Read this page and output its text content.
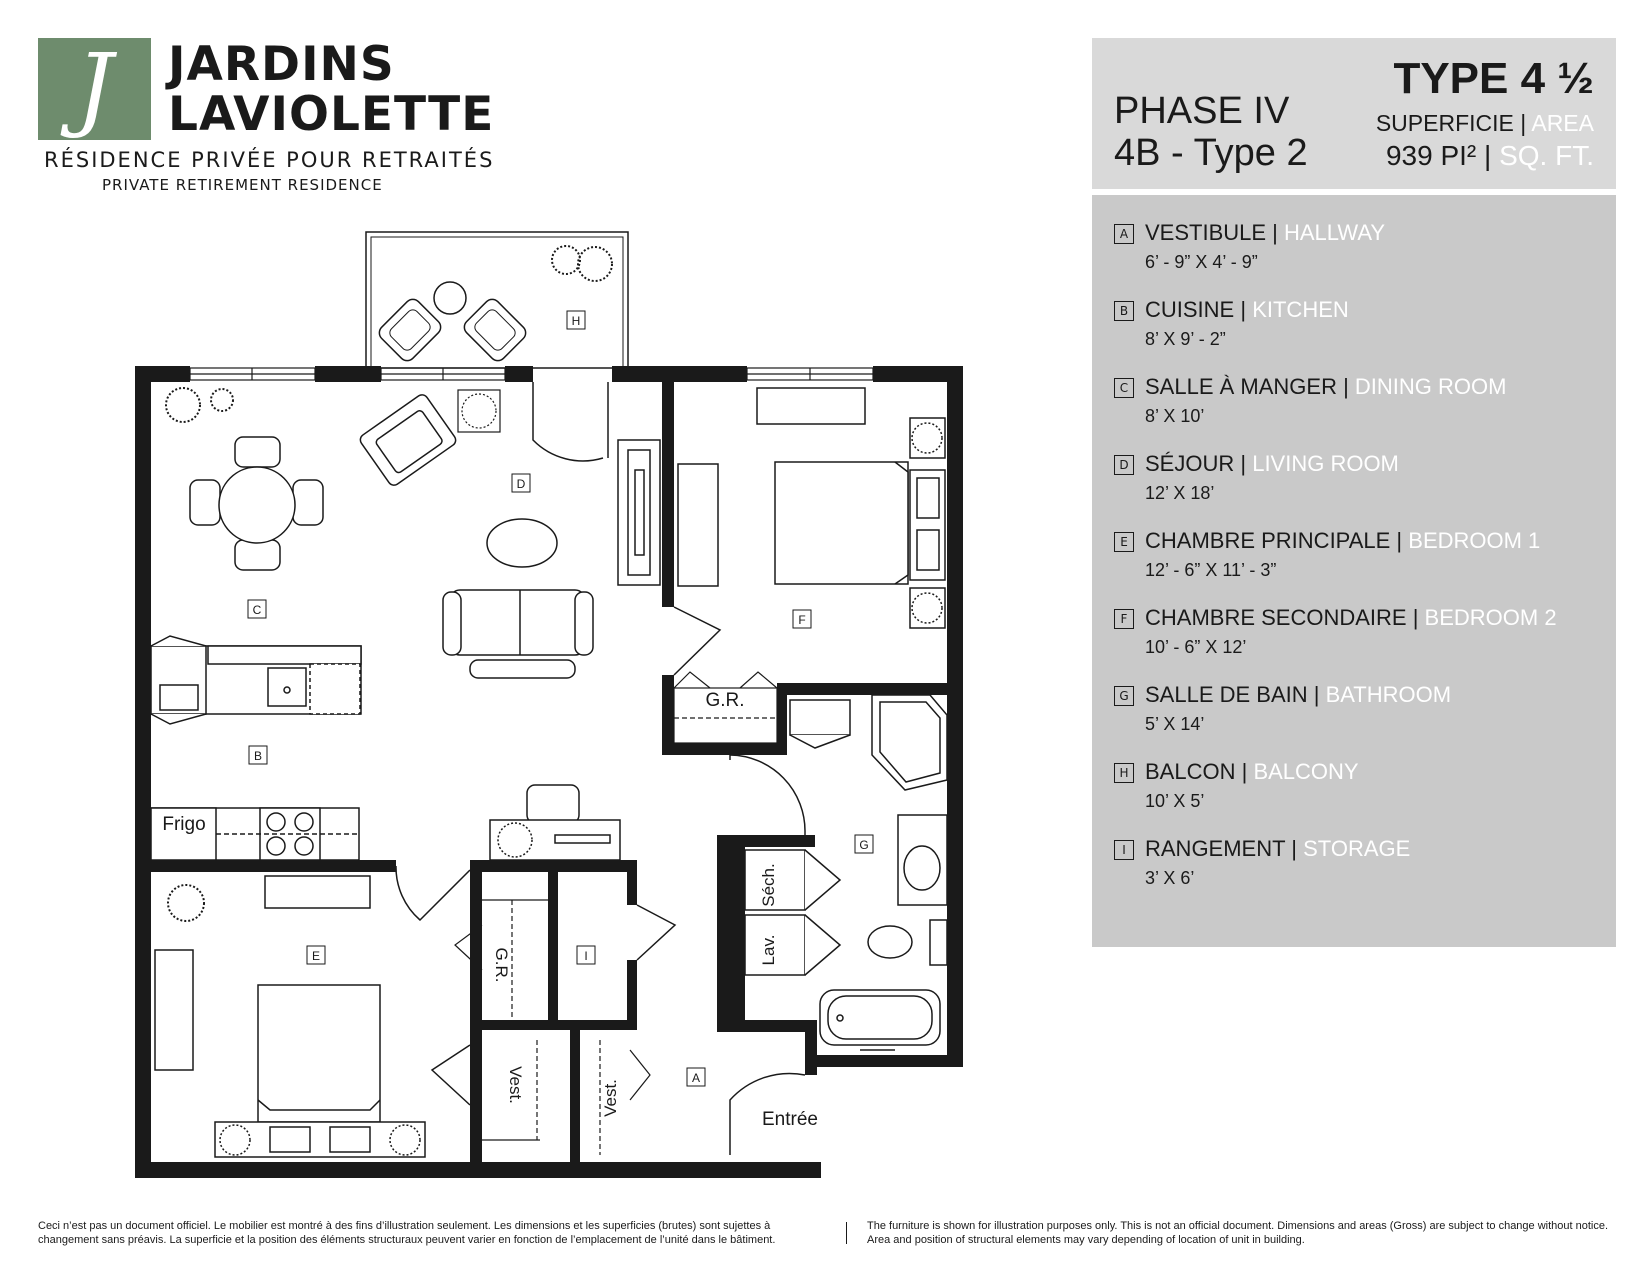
J	JARDINS
LAVIOLETTE
RÉSIDENCE PRIVÉE POUR RETRAITÉS
PRIVATE RETIREMENT RESIDENCE
TYPE 4 ½
PHASE IV
4B - Type 2
SUPERFICIE | AREA
939 PI² | SQ. FT.
A VESTIBULE | HALLWAY
6’ - 9” X 4’ - 9”
B CUISINE | KITCHEN
8’ X 9’ - 2”
C SALLE À MANGER | DINING ROOM
8’ X 10’
D SÉJOUR | LIVING ROOM
12’ X 18’
E CHAMBRE PRINCIPALE | BEDROOM 1
12’ - 6” X 11’ - 3”
F CHAMBRE SECONDAIRE | BEDROOM 2
10’ - 6” X 12’
G SALLE DE BAIN | BATHROOM
5’ X 14’
H BALCON | BALCONY
10’ X 5’
I RANGEMENT | STORAGE
3’ X 6’
Frigo
G.R.
Séch.
Lav.
G.R.
Vest.	Vest.
Entrée
H
D
C
F
B
G
E	I
A
Ceci n’est pas un document officiel. Le mobilier est montré à des fins d’illustration seulement. Les dimensions et les superficies (brutes) sont sujettes à changement sans préavis. La superficie et la position des éléments structuraux peuvent varier en fonction de l’emplacement de l’unité dans le bâtiment.
The furniture is shown for illustration purposes only. This is not an official document. Dimensions and areas (Gross) are subject to change without notice. Area and position of structural elements may vary depending of location of unit in building.
